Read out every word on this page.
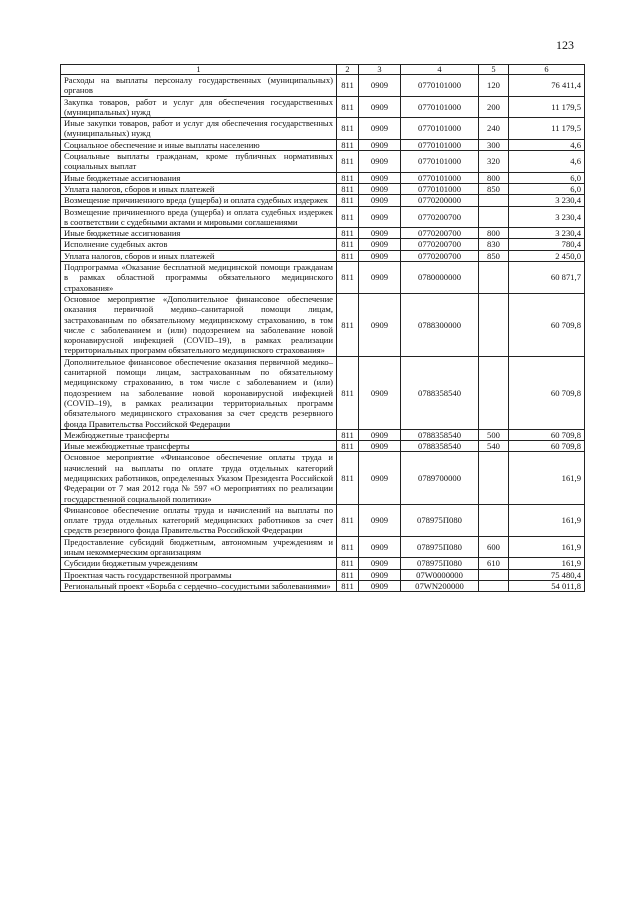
123
1	2	3	4	5	6
Расходы на выплаты персоналу государственных (муниципальных) органов	811	0909	0770101000	120	76 411,4
Закупка товаров, работ и услуг для обеспечения государственных (муниципальных) нужд	811	0909	0770101000	200	11 179,5
Иные закупки товаров, работ и услуг для обеспечения государственных (муниципальных) нужд	811	0909	0770101000	240	11 179,5
Социальное обеспечение и иные выплаты населению	811	0909	0770101000	300	4,6
Социальные выплаты гражданам, кроме публичных нормативных социальных выплат	811	0909	0770101000	320	4,6
Иные бюджетные ассигнования	811	0909	0770101000	800	6,0
Уплата налогов, сборов и иных платежей	811	0909	0770101000	850	6,0
Возмещение причиненного вреда (ущерба) и оплата судебных издержек	811	0909	0770200000		3 230,4
Возмещение причиненного вреда (ущерба) и оплата судебных издержек в соответствии с судебными актами и мировыми соглашениями	811	0909	0770200700		3 230,4
Иные бюджетные ассигнования	811	0909	0770200700	800	3 230,4
Исполнение судебных актов	811	0909	0770200700	830	780,4
Уплата налогов, сборов и иных платежей	811	0909	0770200700	850	2 450,0
Подпрограмма «Оказание бесплатной медицинской помощи гражданам в рамках областной программы обязательного медицинского страхования»	811	0909	0780000000		60 871,7
Основное мероприятие «Дополнительное финансовое обеспечение оказания первичной медико–санитарной помощи лицам, застрахованным по обязательному медицинскому страхованию, в том числе с заболеванием и (или) подозрением на заболевание новой коронавирусной инфекцией (COVID–19), в рамках реализации территориальных программ обязательного медицинского страхования»	811	0909	0788300000		60 709,8
Дополнительное финансовое обеспечение оказания первичной медико–санитарной помощи лицам, застрахованным по обязательному медицинскому страхованию, в том числе с заболеванием и (или) подозрением на заболевание новой коронавирусной инфекцией (COVID–19), в рамках реализации территориальных программ обязательного медицинского страхования за счет средств резервного фонда Правительства Российской Федерации	811	0909	0788358540		60 709,8
Межбюджетные трансферты	811	0909	0788358540	500	60 709,8
Иные межбюджетные трансферты	811	0909	0788358540	540	60 709,8
Основное мероприятие «Финансовое обеспечение оплаты труда и начислений на выплаты по оплате труда отдельных категорий медицинских работников, определенных Указом Президента Российской Федерации от 7 мая 2012 года № 597 «О мероприятиях по реализации государственной социальной политики»	811	0909	0789700000		161,9
Финансовое обеспечение оплаты труда и начислений на выплаты по оплате труда отдельных категорий медицинских работников за счет средств резервного фонда Правительства Российской Федерации	811	0909	078975П080		161,9
Предоставление субсидий бюджетным, автономным учреждениям и иным некоммерческим организациям	811	0909	078975П080	600	161,9
Субсидии бюджетным учреждениям	811	0909	078975П080	610	161,9
Проектная часть государственной программы	811	0909	07W0000000		75 480,4
Региональный проект «Борьба с сердечно–сосудистыми заболеваниями»	811	0909	07WN200000		54 011,8
